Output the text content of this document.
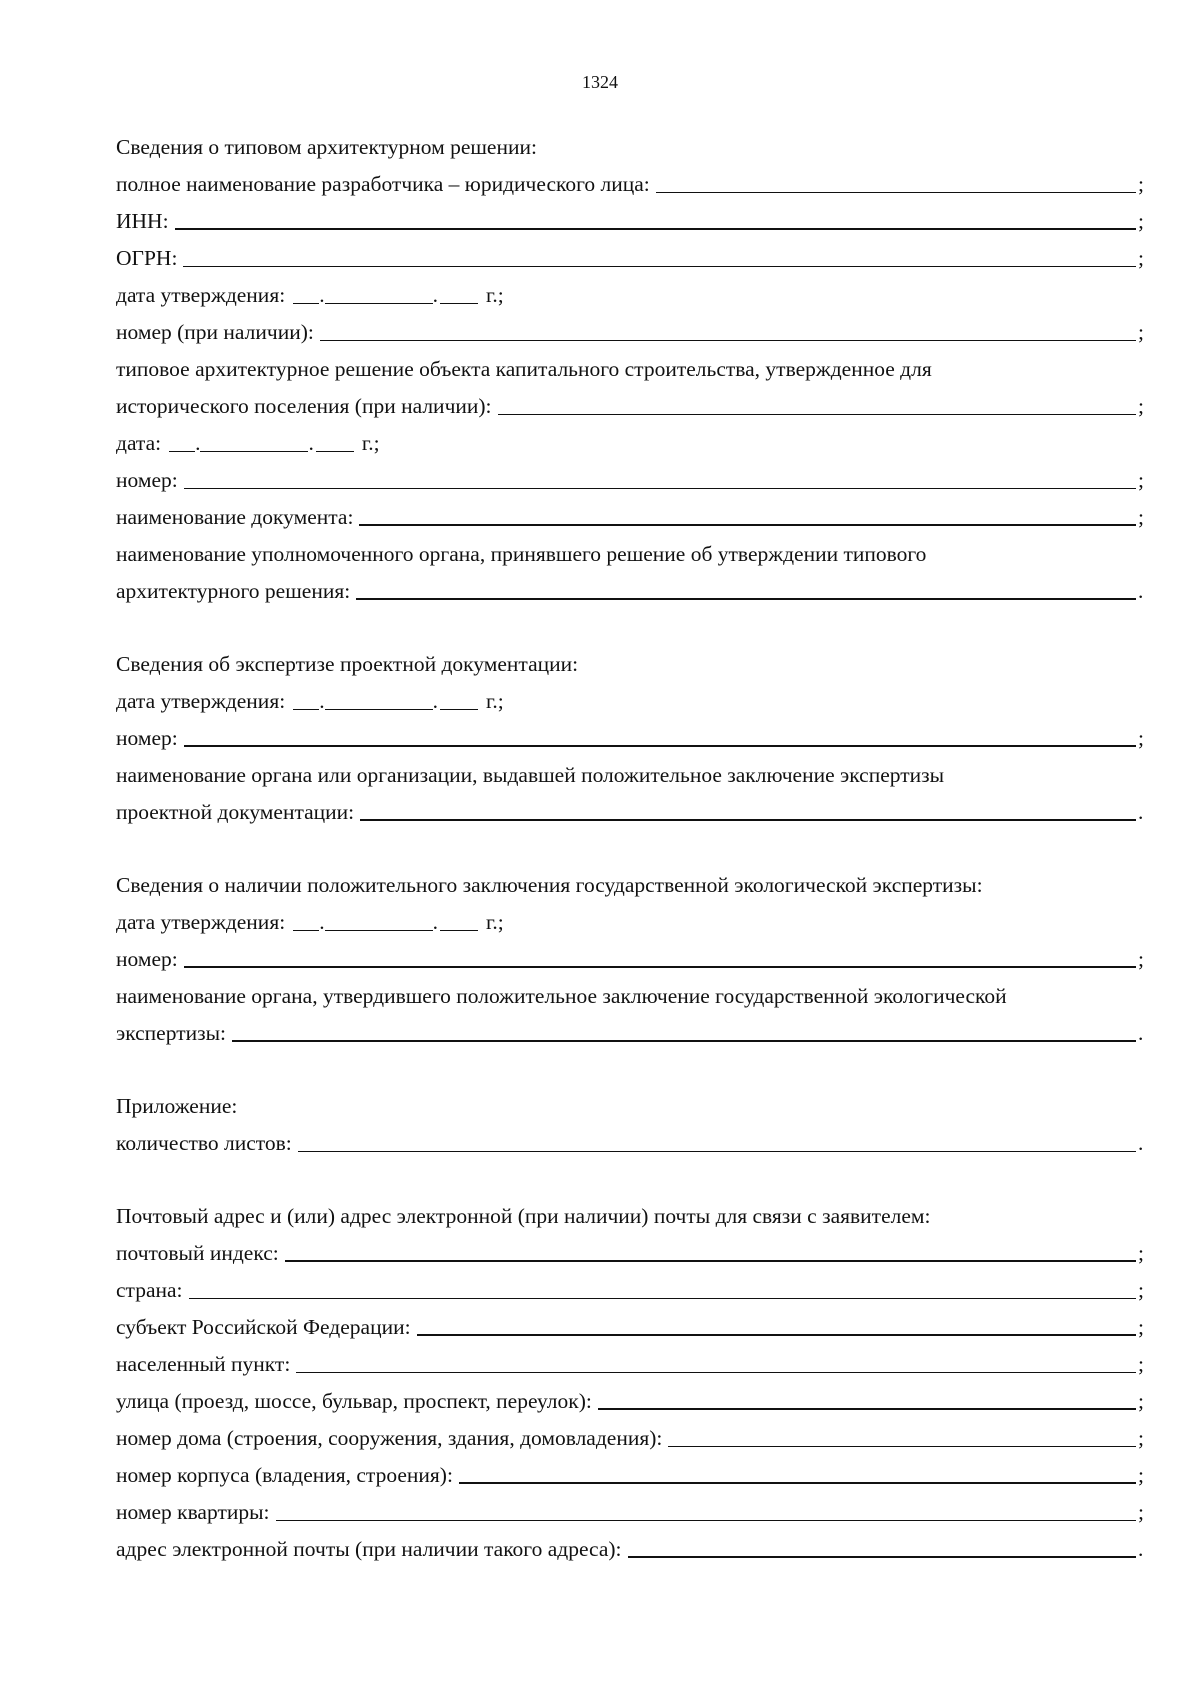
1324
Сведения о типовом архитектурном решении:
полное наименование разработчика – юридического лица:	;
ИНН:	;
ОГРН:	;
дата утверждения: .	. г.;
номер (при наличии):	;
типовое архитектурное решение объекта капитального строительства, утвержденное для
исторического поселения (при наличии):	;
дата: .	. г.;
номер:	;
наименование документа:	;
наименование уполномоченного органа, принявшего решение об утверждении типового
архитектурного решения:	.
Сведения об экспертизе проектной документации:
дата утверждения: .	. г.;
номер:	;
наименование органа или организации, выдавшей положительное заключение экспертизы
проектной документации:	.
Сведения о наличии положительного заключения государственной экологической экспертизы:
дата утверждения: .	. г.;
номер:	;
наименование органа, утвердившего положительное заключение государственной экологической
экспертизы:	.
Приложение:
количество листов:	.
Почтовый адрес и (или) адрес электронной (при наличии) почты для связи с заявителем:
почтовый индекс:	;
страна:	;
субъект Российской Федерации:	;
населенный пункт:	;
улица (проезд, шоссе, бульвар, проспект, переулок):	;
номер дома (строения, сооружения, здания, домовладения):	;
номер корпуса (владения, строения):	;
номер квартиры:	;
адрес электронной почты (при наличии такого адреса):	.
